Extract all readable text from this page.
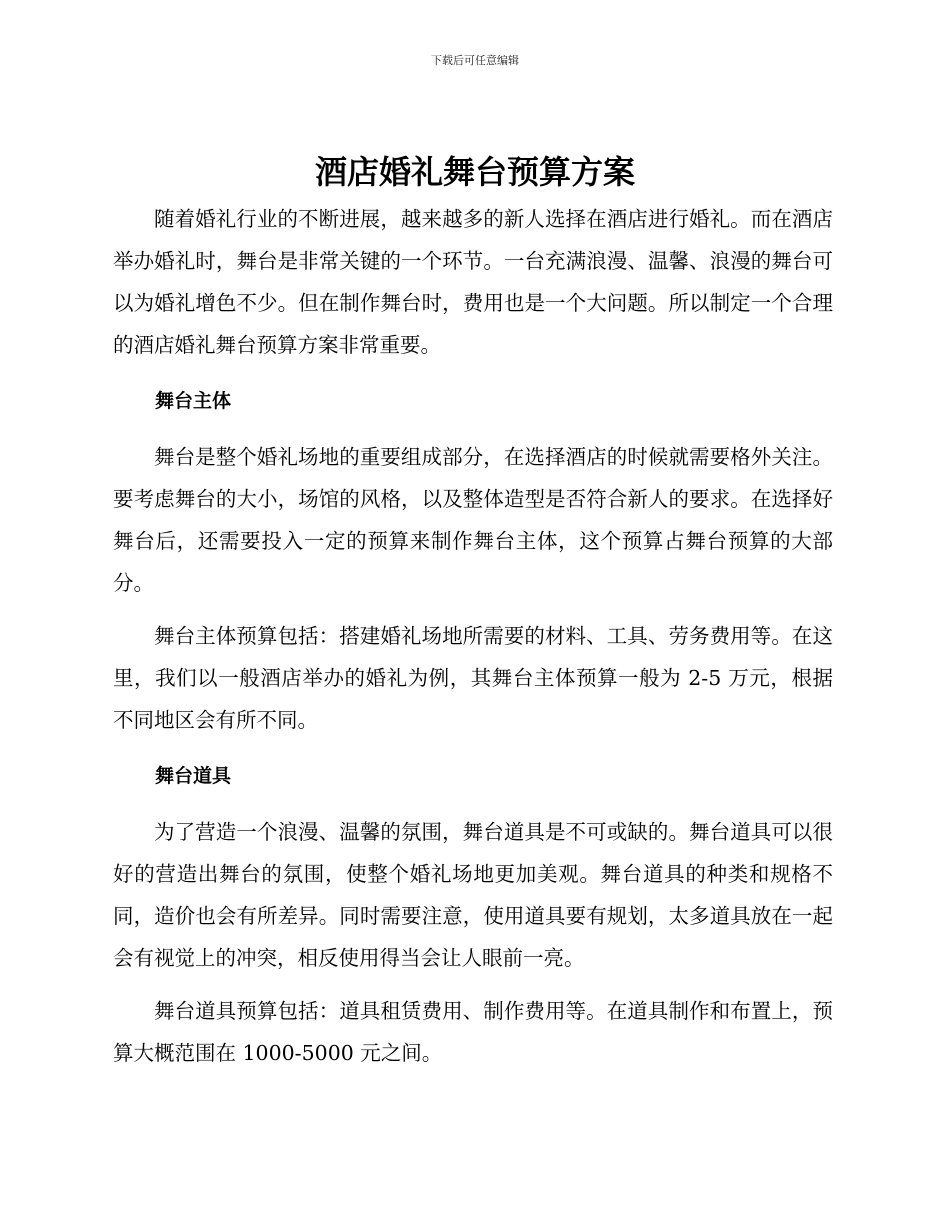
下载后可任意编辑
酒店婚礼舞台预算方案

随着婚礼行业的不断进展，越来越多的新人选择在酒店进行婚礼。而在酒店举办婚礼时，舞台是非常关键的一个环节。一台充满浪漫、温馨、浪漫的舞台可以为婚礼增色不少。但在制作舞台时，费用也是一个大问题。所以制定一个合理的酒店婚礼舞台预算方案非常重要。

舞台主体

舞台是整个婚礼场地的重要组成部分，在选择酒店的时候就需要格外关注。要考虑舞台的大小，场馆的风格，以及整体造型是否符合新人的要求。在选择好舞台后，还需要投入一定的预算来制作舞台主体，这个预算占舞台预算的大部分。

舞台主体预算包括：搭建婚礼场地所需要的材料、工具、劳务费用等。在这里，我们以一般酒店举办的婚礼为例，其舞台主体预算一般为 2-5 万元，根据不同地区会有所不同。

舞台道具

为了营造一个浪漫、温馨的氛围，舞台道具是不可或缺的。舞台道具可以很好的营造出舞台的氛围，使整个婚礼场地更加美观。舞台道具的种类和规格不同，造价也会有所差异。同时需要注意，使用道具要有规划，太多道具放在一起会有视觉上的冲突，相反使用得当会让人眼前一亮。

舞台道具预算包括：道具租赁费用、制作费用等。在道具制作和布置上，预算大概范围在 1000-5000 元之间。
